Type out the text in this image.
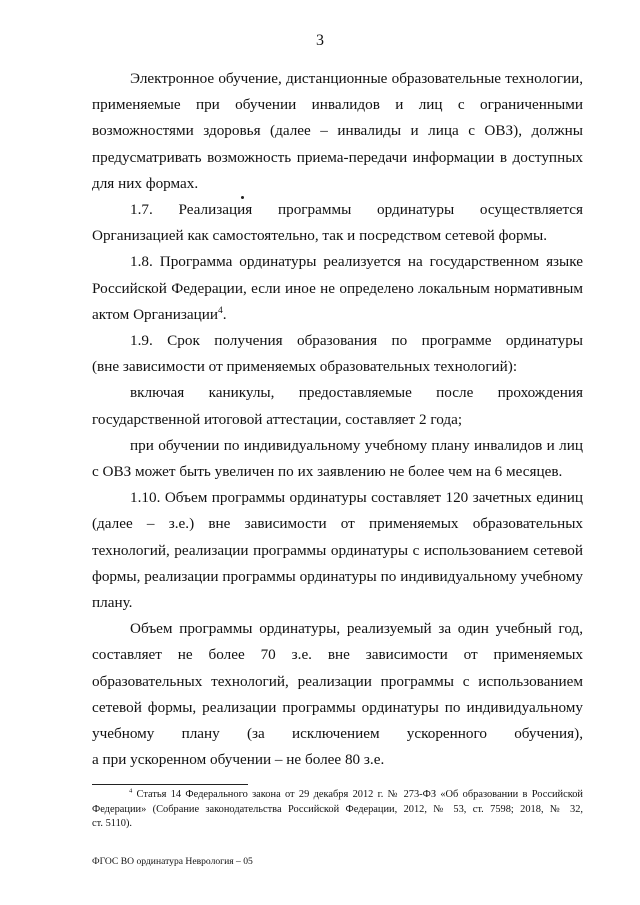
3

Электронное обучение, дистанционные образовательные технологии,
применяемые при обучении инвалидов и лиц с ограниченными
возможностями здоровья (далее – инвалиды и лица с ОВЗ), должны
предусматривать возможность приема-передачи информации в доступных
для них формах.

1.7. Реализация программы ординатуры осуществляется
Организацией как самостоятельно, так и посредством сетевой формы.

1.8. Программа ординатуры реализуется на государственном языке
Российской Федерации, если иное не определено локальным нормативным
актом Организации$^4$.

1.9. Срок получения образования по программе ординатуры
(вне зависимости от применяемых образовательных технологий):

включая каникулы, предоставляемые после прохождения
государственной итоговой аттестации, составляет 2 года;

при обучении по индивидуальному учебному плану инвалидов и лиц
с ОВЗ может быть увеличен по их заявлению не более чем на 6 месяцев.

1.10. Объем программы ординатуры составляет 120 зачетных единиц
(далее – з.е.) вне зависимости от применяемых образовательных
технологий, реализации программы ординатуры с использованием сетевой
формы, реализации программы ординатуры по индивидуальному учебному
плану.

Объем программы ординатуры, реализуемый за один учебный год,
составляет не более 70 з.е. вне зависимости от применяемых
образовательных технологий, реализации программы с использованием
сетевой формы, реализации программы ординатуры по индивидуальному
учебному плану (за исключением ускоренного обучения),
а при ускоренном обучении – не более 80 з.е.

$^4$ Статья 14 Федерального закона от 29 декабря 2012 г. № 273-ФЗ «Об образовании в Российской
Федерации» (Собрание законодательства Российской Федерации, 2012, № 53, ст. 7598; 2018, № 32,
ст. 5110).
ФГОС ВО ординатура Неврология – 05
